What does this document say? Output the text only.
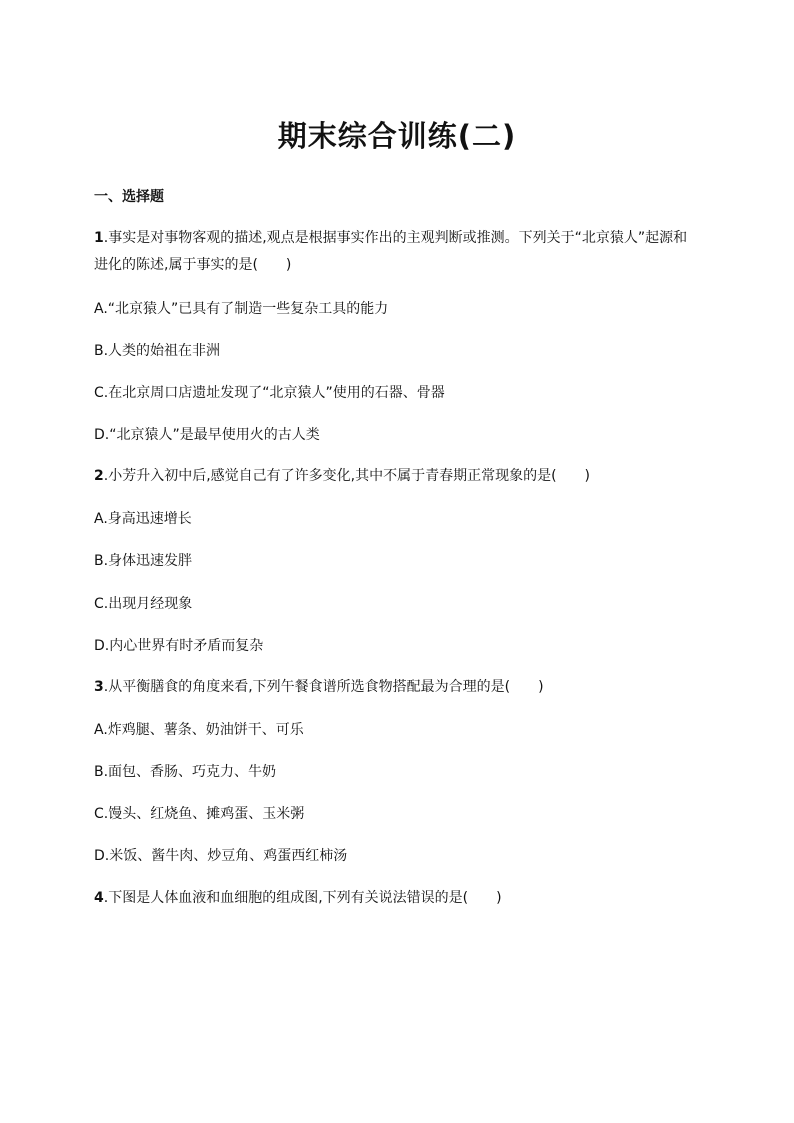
期末综合训练(二)
一、选择题
1.事实是对事物客观的描述,观点是根据事实作出的主观判断或推测。下列关于“北京猿人”起源和进化的陈述,属于事实的是(　　)
A.“北京猿人”已具有了制造一些复杂工具的能力
B.人类的始祖在非洲
C.在北京周口店遗址发现了“北京猿人”使用的石器、骨器
D.“北京猿人”是最早使用火的古人类
2.小芳升入初中后,感觉自己有了许多变化,其中不属于青春期正常现象的是(　　)
A.身高迅速增长
B.身体迅速发胖
C.出现月经现象
D.内心世界有时矛盾而复杂
3.从平衡膳食的角度来看,下列午餐食谱所选食物搭配最为合理的是(　　)
A.炸鸡腿、薯条、奶油饼干、可乐
B.面包、香肠、巧克力、牛奶
C.馒头、红烧鱼、摊鸡蛋、玉米粥
D.米饭、酱牛肉、炒豆角、鸡蛋西红柿汤
4.下图是人体血液和血细胞的组成图,下列有关说法错误的是(　　)
